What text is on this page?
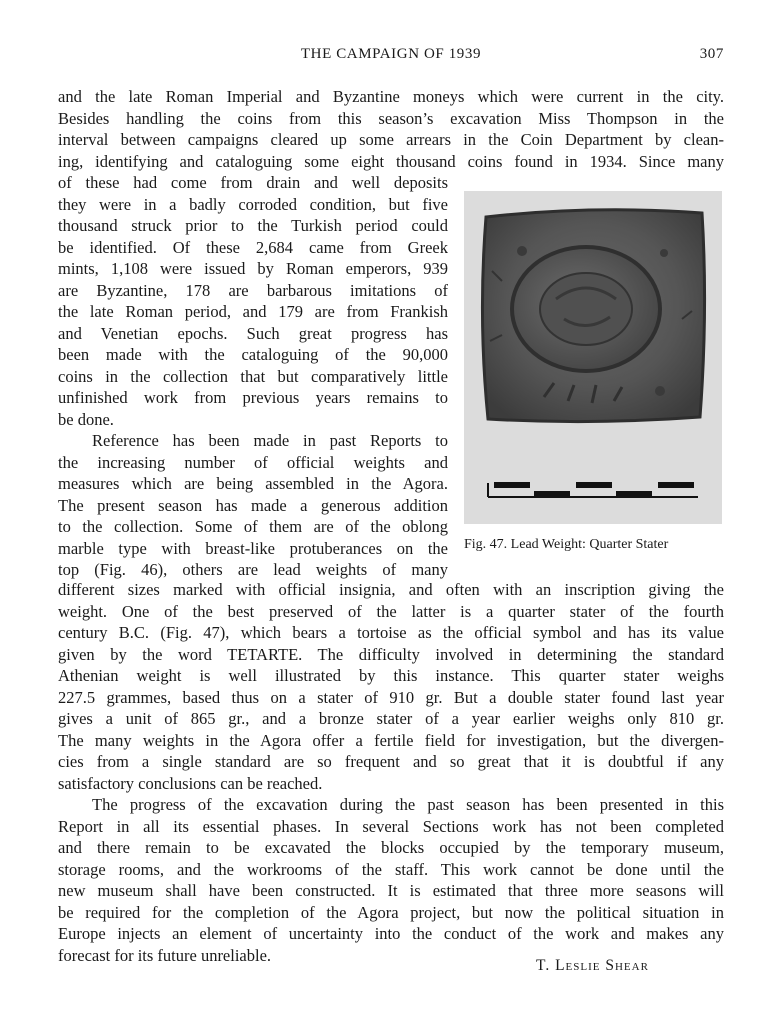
THE CAMPAIGN OF 1939	307
and the late Roman Imperial and Byzantine moneys which were current in the city.
Besides handling the coins from this season’s excavation Miss Thompson in the
interval between campaigns cleared up some arrears in the Coin Department by clean-
ing, identifying and cataloguing some eight thousand coins found in 1934. Since many
of these had come from drain and well deposits
they were in a badly corroded condition, but five
thousand struck prior to the Turkish period could
be identified. Of these 2,684 came from Greek
mints, 1,108 were issued by Roman emperors, 939
are Byzantine, 178 are barbarous imitations of
the late Roman period, and 179 are from Frankish
and Venetian epochs. Such great progress has
been made with the cataloguing of the 90,000
coins in the collection that but comparatively little
unfinished work from previous years remains to
be done.
Reference has been made in past Reports to
the increasing number of official weights and
measures which are being assembled in the Agora.
The present season has made a generous addition
to the collection. Some of them are of the oblong
marble type with breast-like protuberances on the
top (Fig. 46), others are lead weights of many
Fig. 47. Lead Weight: Quarter Stater
different sizes marked with official insignia, and often with an inscription giving the
weight. One of the best preserved of the latter is a quarter stater of the fourth
century B.C. (Fig. 47), which bears a tortoise as the official symbol and has its value
given by the word TETARTE. The difficulty involved in determining the standard
Athenian weight is well illustrated by this instance. This quarter stater weighs
227.5 grammes, based thus on a stater of 910 gr. But a double stater found last year
gives a unit of 865 gr., and a bronze stater of a year earlier weighs only 810 gr.
The many weights in the Agora offer a fertile field for investigation, but the divergen-
cies from a single standard are so frequent and so great that it is doubtful if any
satisfactory conclusions can be reached.
The progress of the excavation during the past season has been presented in this
Report in all its essential phases. In several Sections work has not been completed
and there remain to be excavated the blocks occupied by the temporary museum,
storage rooms, and the workrooms of the staff. This work cannot be done until the
new museum shall have been constructed. It is estimated that three more seasons will
be required for the completion of the Agora project, but now the political situation in
Europe injects an element of uncertainty into the conduct of the work and makes any
forecast for its future unreliable.
T. Leslie Shear
